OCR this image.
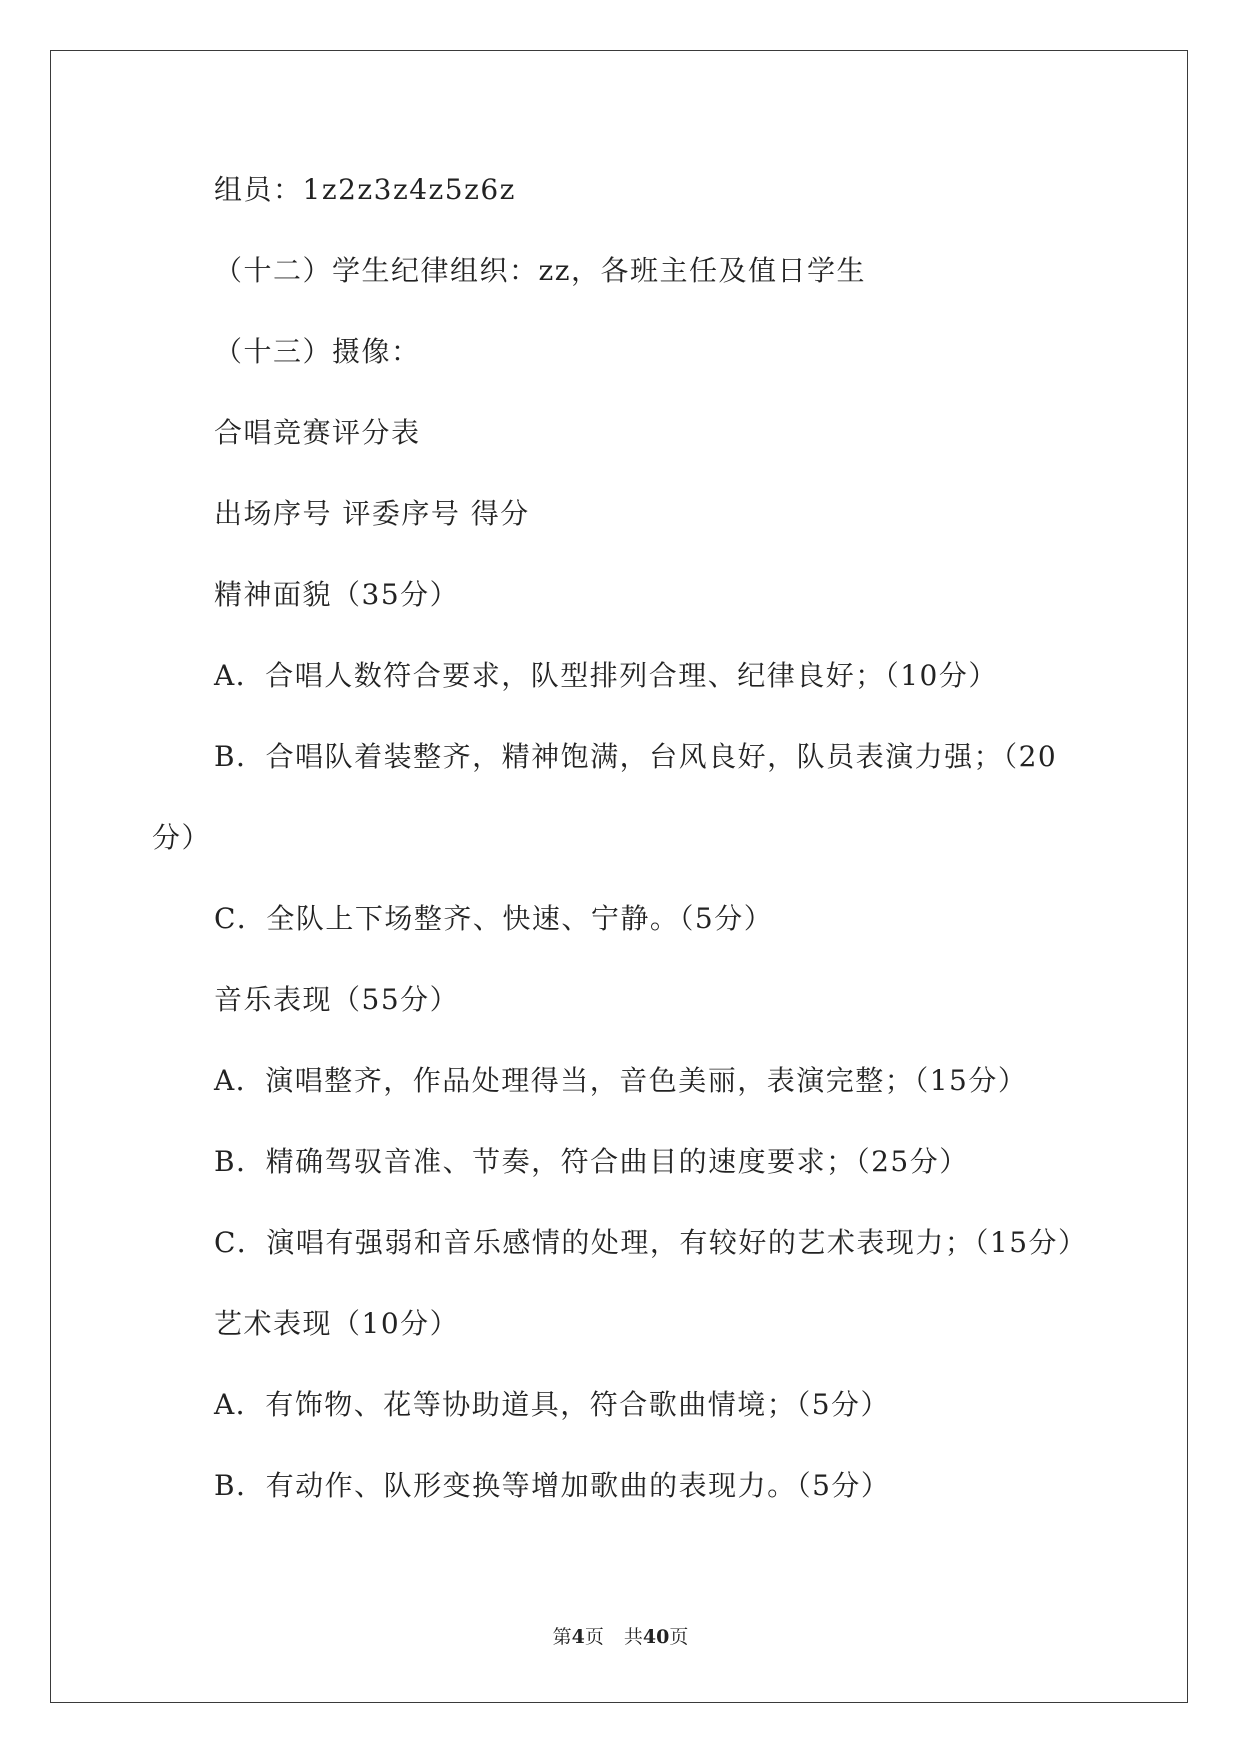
组员：1z2z3z4z5z6z

（十二）学生纪律组织：zz，各班主任及值日学生

（十三）摄像：

合唱竞赛评分表

出场序号 评委序号 得分

精神面貌（35分）

A．合唱人数符合要求，队型排列合理、纪律良好；（10分）

B．合唱队着装整齐，精神饱满，台风良好，队员表演力强；（20

分）

C．全队上下场整齐、快速、宁静。（5分）

音乐表现（55分）

A．演唱整齐，作品处理得当，音色美丽，表演完整；（15分）

B．精确驾驭音准、节奏，符合曲目的速度要求；（25分）

C．演唱有强弱和音乐感情的处理，有较好的艺术表现力；（15分）

艺术表现（10分）

A．有饰物、花等协助道具，符合歌曲情境；（5分）

B．有动作、队形变换等增加歌曲的表现力。（5分）

第4页 共40页
